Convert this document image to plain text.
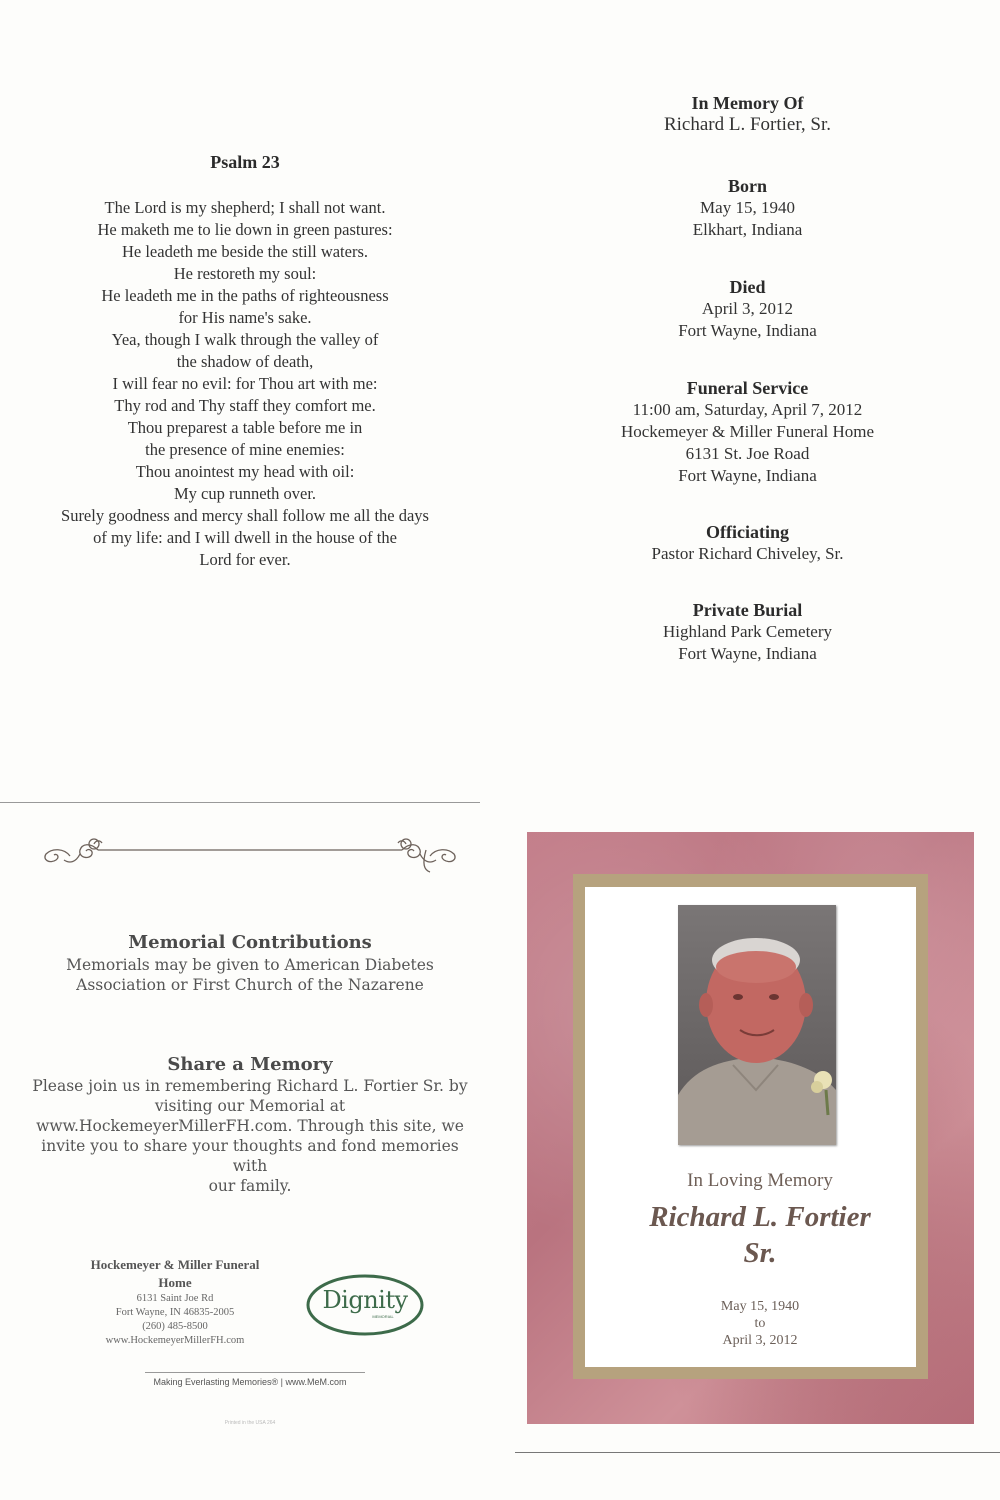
Psalm 23
The Lord is my shepherd; I shall not want.
He maketh me to lie down in green pastures:
He leadeth me beside the still waters.
He restoreth my soul:
He leadeth me in the paths of righteousness
for His name's sake.
Yea, though I walk through the valley of
the shadow of death,
I will fear no evil: for Thou art with me:
Thy rod and Thy staff they comfort me.
Thou preparest a table before me in
the presence of mine enemies:
Thou anointest my head with oil:
My cup runneth over.
Surely goodness and mercy shall follow me all the days
of my life: and I will dwell in the house of the
Lord for ever.
In Memory Of
Richard L. Fortier, Sr.
Born
May 15, 1940
Elkhart, Indiana
Died
April 3, 2012
Fort Wayne, Indiana
Funeral Service
11:00 am, Saturday, April 7, 2012
Hockemeyer & Miller Funeral Home
6131 St. Joe Road
Fort Wayne, Indiana
Officiating
Pastor Richard Chiveley, Sr.
Private Burial
Highland Park Cemetery
Fort Wayne, Indiana
Memorial Contributions
Memorials may be given to American Diabetes
Association or First Church of the Nazarene
Share a Memory
Please join us in remembering Richard L. Fortier Sr. by
visiting our Memorial at
www.HockemeyerMillerFH.com. Through this site, we
invite you to share your thoughts and fond memories with
our family.
Hockemeyer & Miller Funeral
Home
6131 Saint Joe Rd
Fort Wayne, IN 46835-2005
(260) 485-8500
www.HockemeyerMillerFH.com
Dignity
MEMORIAL
Making Everlasting Memories® | www.MeM.com
Printed in the USA 264
In Loving Memory
Richard L. Fortier
Sr.
May 15, 1940
to
April 3, 2012
